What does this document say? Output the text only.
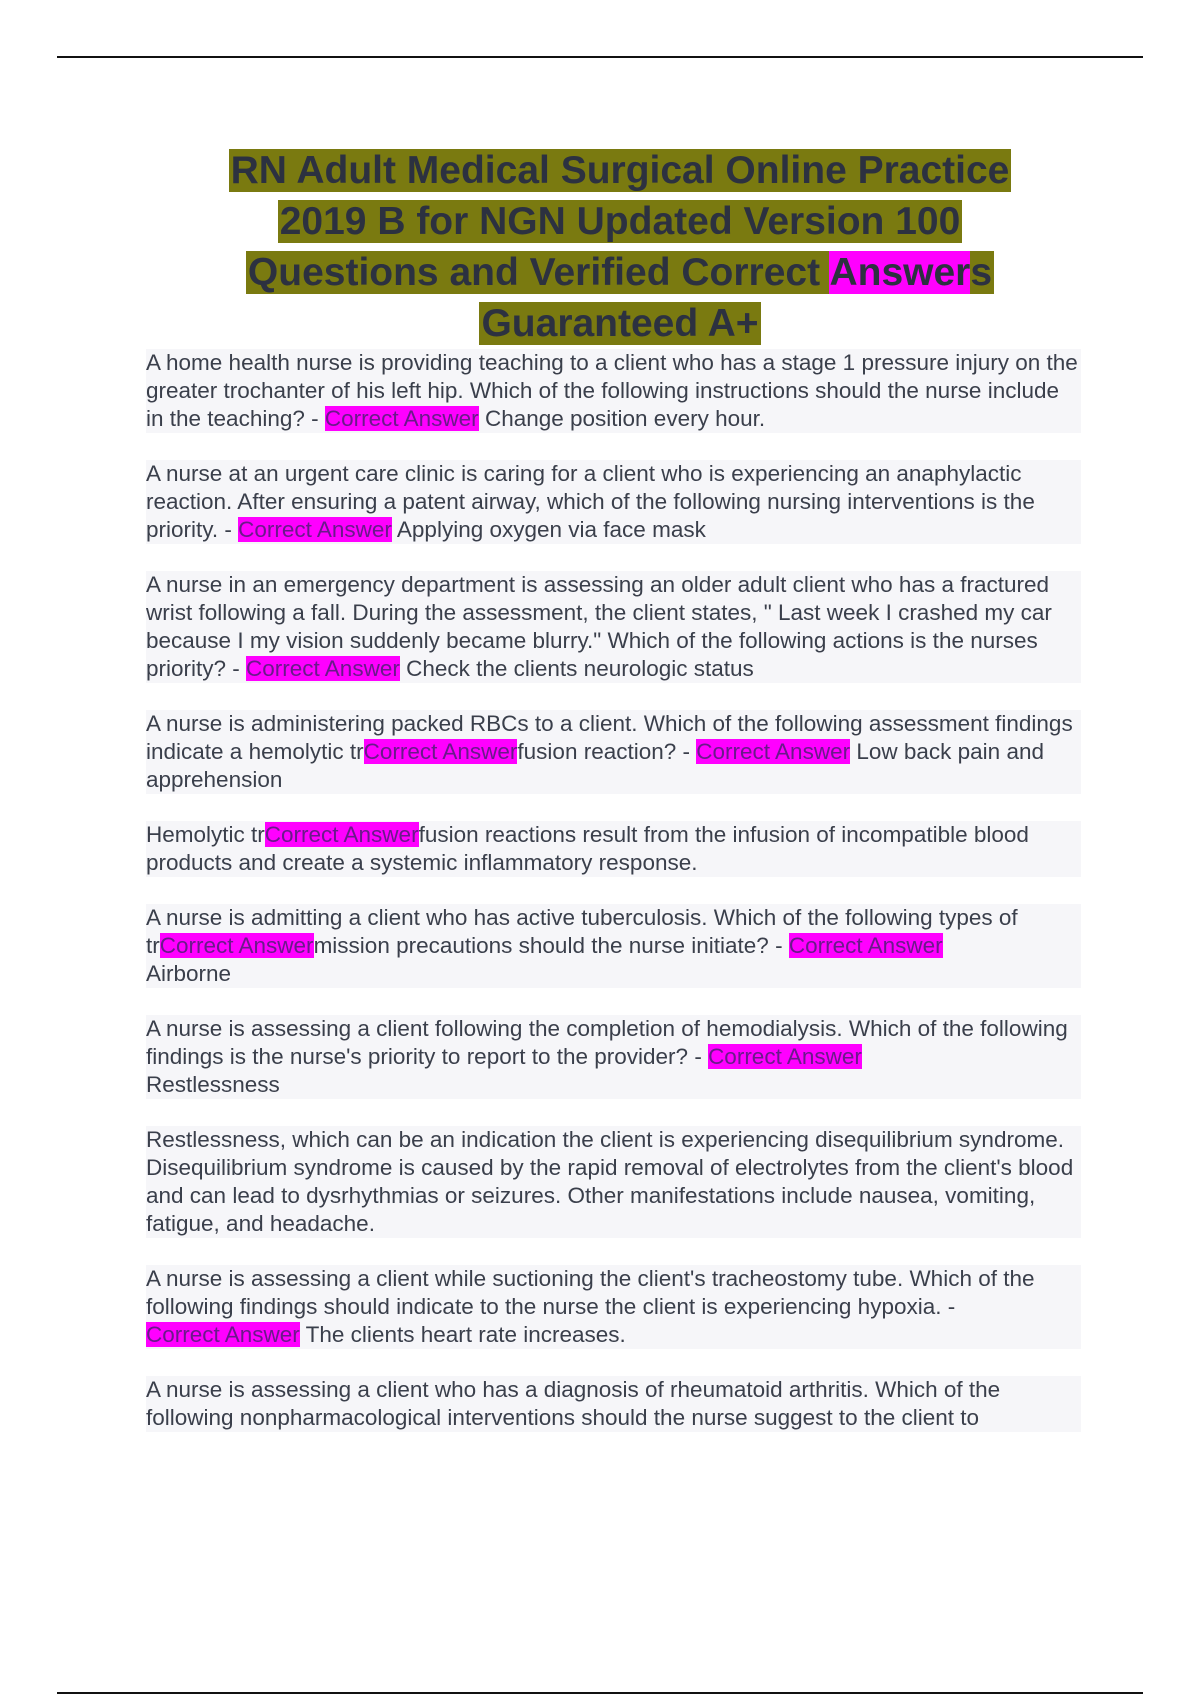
RN Adult Medical Surgical Online Practice
2019 B for NGN Updated Version 100
Questions and Verified Correct Answers
Guaranteed A+

A home health nurse is providing teaching to a client who has a stage 1 pressure injury on the greater trochanter of his left hip. Which of the following instructions should the nurse include in the teaching? - Correct Answer Change position every hour.

A nurse at an urgent care clinic is caring for a client who is experiencing an anaphylactic reaction. After ensuring a patent airway, which of the following nursing interventions is the priority. - Correct Answer Applying oxygen via face mask

A nurse in an emergency department is assessing an older adult client who has a fractured wrist following a fall. During the assessment, the client states, " Last week I crashed my car because I my vision suddenly became blurry." Which of the following actions is the nurses priority? - Correct Answer Check the clients neurologic status

A nurse is administering packed RBCs to a client. Which of the following assessment findings indicate a hemolytic trCorrect Answerfusion reaction? - Correct Answer Low back pain and apprehension

Hemolytic trCorrect Answerfusion reactions result from the infusion of incompatible blood products and create a systemic inflammatory response.

A nurse is admitting a client who has active tuberculosis. Which of the following types of trCorrect Answermission precautions should the nurse initiate? - Correct Answer
Airborne

A nurse is assessing a client following the completion of hemodialysis. Which of the following findings is the nurse's priority to report to the provider? - Correct Answer
Restlessness

Restlessness, which can be an indication the client is experiencing disequilibrium syndrome. Disequilibrium syndrome is caused by the rapid removal of electrolytes from the client's blood and can lead to dysrhythmias or seizures. Other manifestations include nausea, vomiting, fatigue, and headache.

A nurse is assessing a client while suctioning the client's tracheostomy tube. Which of the following findings should indicate to the nurse the client is experiencing hypoxia. -
Correct Answer The clients heart rate increases.

A nurse is assessing a client who has a diagnosis of rheumatoid arthritis. Which of the following nonpharmacological interventions should the nurse suggest to the client to
